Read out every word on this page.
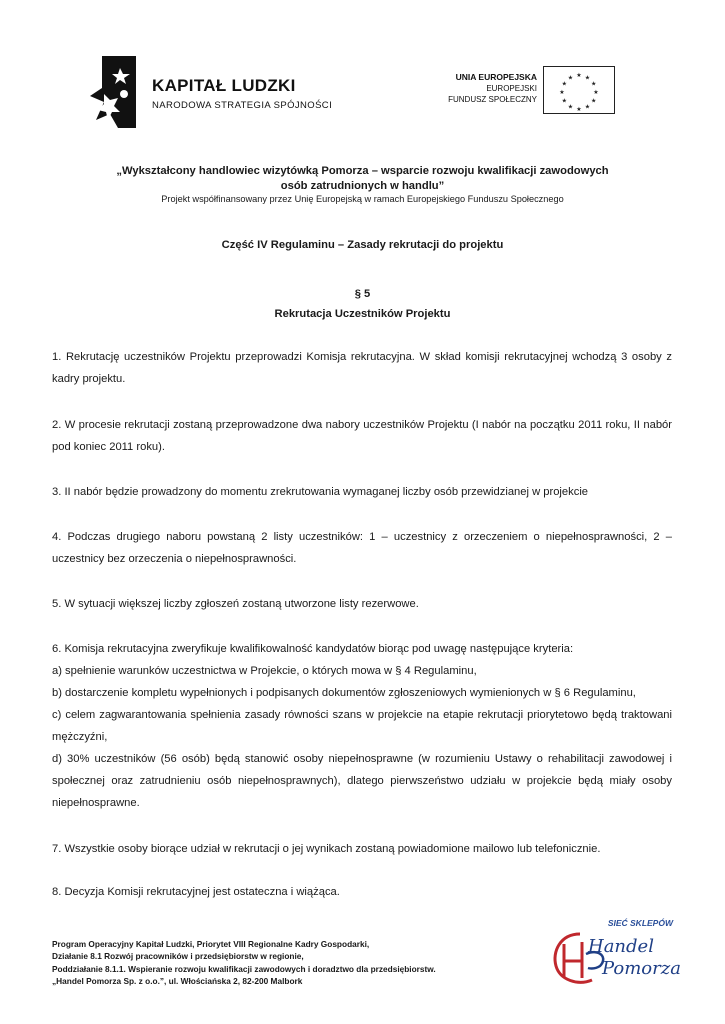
KAPITAŁ LUDZKI
NARODOWA STRATEGIA SPÓJNOŚCI
UNIA EUROPEJSKA
EUROPEJSKI
FUNDUSZ SPOŁECZNY
★ ★
★
★
★
★
★
★
★
★
★
★
„Wykształcony handlowiec wizytówką Pomorza – wsparcie rozwoju kwalifikacji zawodowych
osób zatrudnionych w handlu”
Projekt współfinansowany przez Unię Europejską w ramach Europejskiego Funduszu Społecznego
Część IV Regulaminu – Zasady rekrutacji do projektu
§ 5
Rekrutacja Uczestników Projektu
1. Rekrutację uczestników Projektu przeprowadzi Komisja rekrutacyjna. W skład komisji rekrutacyjnej wchodzą 3 osoby z kadry projektu.
2. W procesie rekrutacji zostaną przeprowadzone dwa nabory uczestników Projektu (I nabór na początku 2011 roku, II nabór pod koniec 2011 roku).
3. II nabór będzie prowadzony do momentu zrekrutowania wymaganej liczby osób przewidzianej w projekcie
4. Podczas drugiego naboru powstaną 2 listy uczestników: 1 – uczestnicy z orzeczeniem o niepełnosprawności, 2 – uczestnicy bez orzeczenia o niepełnosprawności.
5. W sytuacji większej liczby zgłoszeń zostaną utworzone listy rezerwowe.
6. Komisja rekrutacyjna zweryfikuje kwalifikowalność kandydatów biorąc pod uwagę następujące kryteria:
a) spełnienie warunków uczestnictwa w Projekcie, o których mowa w § 4 Regulaminu,
b) dostarczenie kompletu wypełnionych i podpisanych dokumentów zgłoszeniowych wymienionych w § 6 Regulaminu,
c) celem zagwarantowania spełnienia zasady równości szans w projekcie na etapie rekrutacji priorytetowo będą traktowani mężczyźni,
d) 30% uczestników (56 osób) będą stanowić osoby niepełnosprawne (w rozumieniu Ustawy o rehabilitacji zawodowej i społecznej oraz zatrudnieniu osób niepełnosprawnych), dlatego pierwszeństwo udziału w projekcie będą miały osoby niepełnosprawne.
7. Wszystkie osoby biorące udział w rekrutacji o jej wynikach zostaną powiadomione mailowo lub telefonicznie.
8. Decyzja Komisji rekrutacyjnej jest ostateczna i wiążąca.
Program Operacyjny Kapitał Ludzki, Priorytet VIII Regionalne Kadry Gospodarki,
Działanie 8.1 Rozwój pracowników i przedsiębiorstw w regionie,
Poddziałanie 8.1.1. Wspieranie rozwoju kwalifikacji zawodowych i doradztwo dla przedsiębiorstw.
„Handel Pomorza Sp. z o.o.”, ul. Włościańska 2, 82-200 Malbork
SIEĆ SKLEPÓW
Handel
Pomorza
